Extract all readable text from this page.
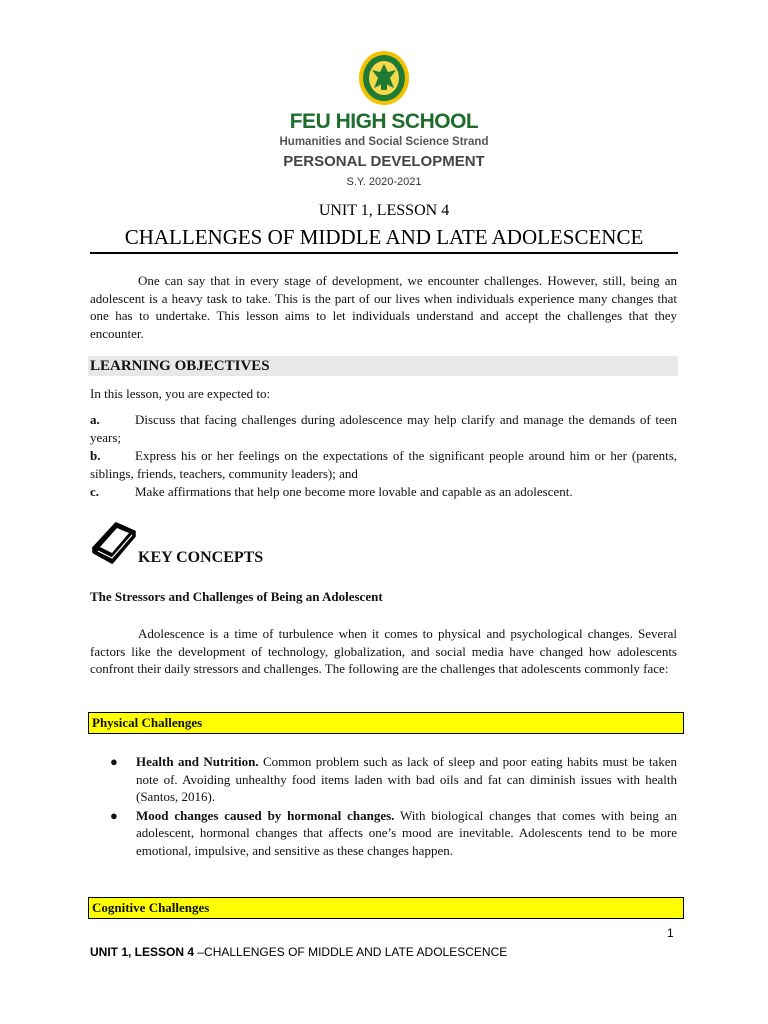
FEU HIGH SCHOOL
Humanities and Social Science Strand
PERSONAL DEVELOPMENT
S.Y. 2020-2021
UNIT 1, LESSON 4
CHALLENGES OF MIDDLE AND LATE ADOLESCENCE
One can say that in every stage of development, we encounter challenges. However, still, being an adolescent is a heavy task to take. This is the part of our lives when individuals experience many changes that one has to undertake. This lesson aims to let individuals understand and accept the challenges that they encounter.
LEARNING OBJECTIVES
In this lesson, you are expected to:
a.	Discuss that facing challenges during adolescence may help clarify and manage the demands of teen years;
b.	Express his or her feelings on the expectations of the significant people around him or her (parents, siblings, friends, teachers, community leaders); and
c.	Make affirmations that help one become more lovable and capable as an adolescent.
KEY CONCEPTS
The Stressors and Challenges of Being an Adolescent
Adolescence is a time of turbulence when it comes to physical and psychological changes. Several factors like the development of technology, globalization, and social media have changed how adolescents confront their daily stressors and challenges. The following are the challenges that adolescents commonly face:
Physical Challenges
● Health and Nutrition. Common problem such as lack of sleep and poor eating habits must be taken note of. Avoiding unhealthy food items laden with bad oils and fat can diminish issues with health (Santos, 2016).
● Mood changes caused by hormonal changes. With biological changes that comes with being an adolescent, hormonal changes that affects one’s mood are inevitable. Adolescents tend to be more emotional, impulsive, and sensitive as these changes happen.
Cognitive Challenges
1
UNIT 1, LESSON 4 –CHALLENGES OF MIDDLE AND LATE ADOLESCENCE
